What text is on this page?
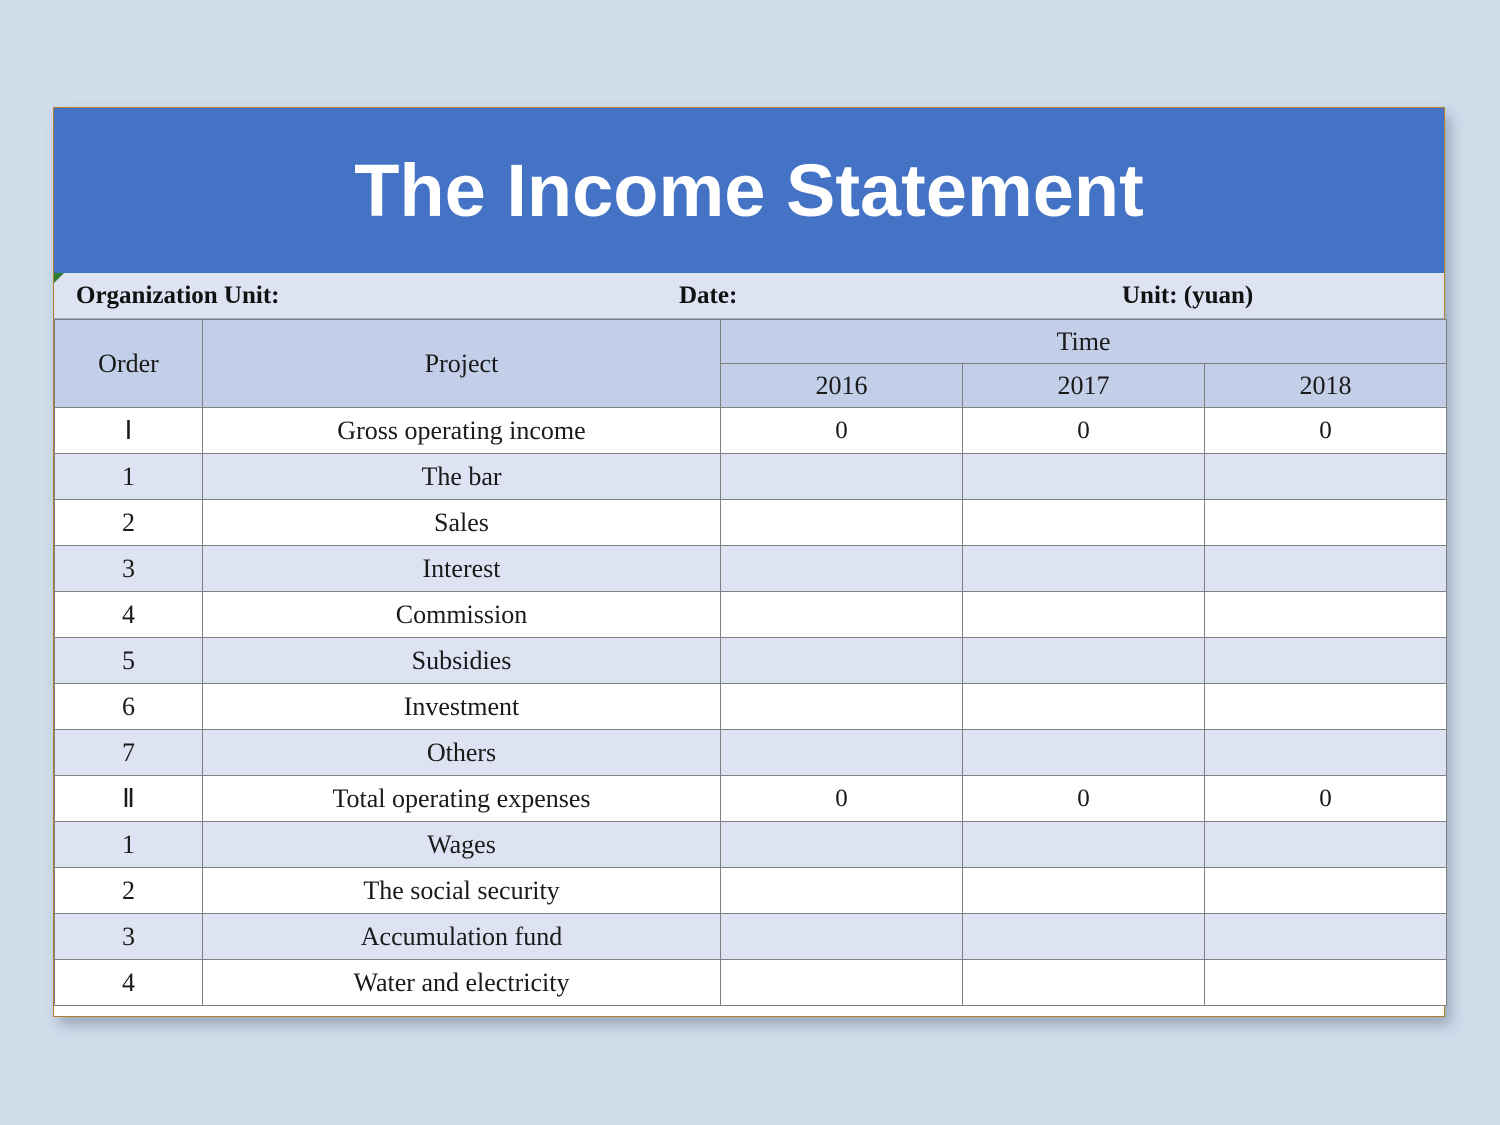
The Income Statement
Organization Unit:	Date:	Unit: (yuan)
Order	Project	Time		
		2016	2017	2018
Ⅰ	Gross operating income	0	0	0
1	The bar			
2	Sales			
3	Interest			
4	Commission			
5	Subsidies			
6	Investment			
7	Others			
Ⅱ	Total operating expenses	0	0	0
1	Wages			
2	The social security			
3	Accumulation fund			
4	Water and electricity			
